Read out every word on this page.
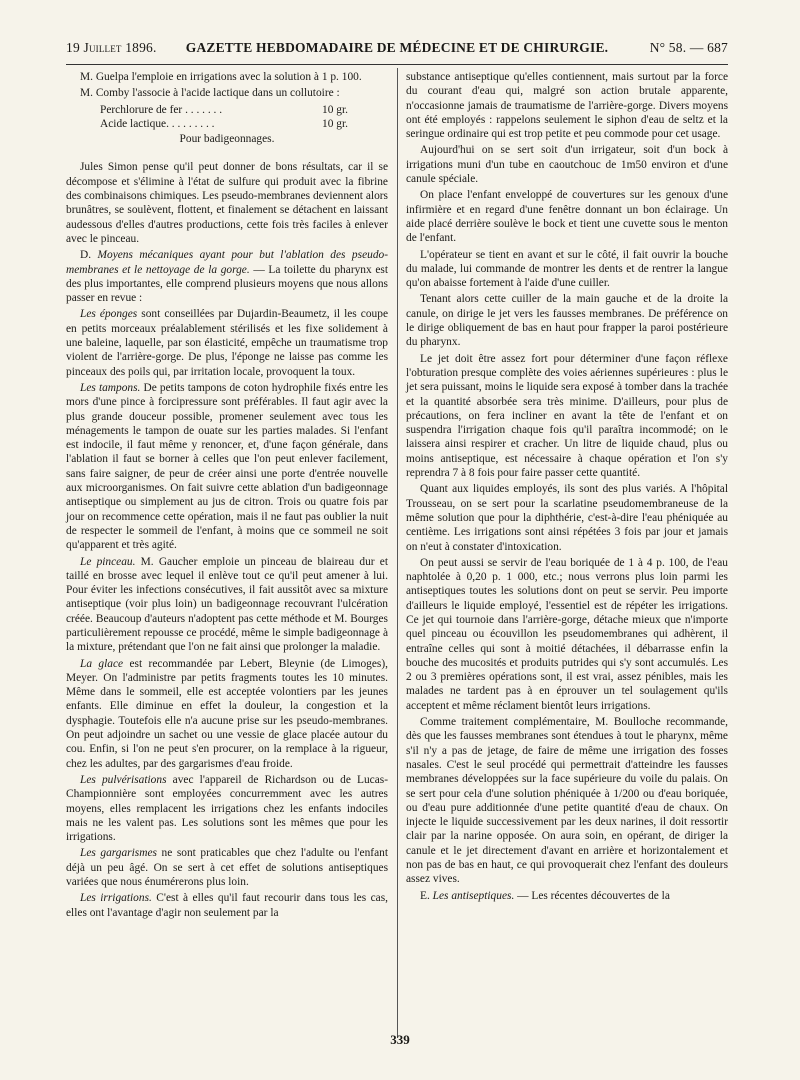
19 Juillet 1896.	GAZETTE HEBDOMADAIRE DE MÉDECINE ET DE CHIRURGIE.	N° 58. — 687

M. Guelpa l'emploie en irrigations avec la solution à 1 p. 100.

M. Comby l'associe à l'acide lactique dans un collutoire :

Perchlorure de fer . . . . . . .	10 gr.
Acide lactique. . . . . . . . .	10 gr.
Pour badigeonnages.

Jules Simon pense qu'il peut donner de bons résultats, car il se décompose et s'élimine à l'état de sulfure qui produit avec la fibrine des combinaisons chimiques. Les pseudo-membranes deviennent alors brunâtres, se soulèvent, flottent, et finalement se détachent en laissant audessous d'elles d'autres productions, cette fois très faciles à enlever avec le pinceau.

D. Moyens mécaniques ayant pour but l'ablation des pseudo-membranes et le nettoyage de la gorge. — La toilette du pharynx est des plus importantes, elle comprend plusieurs moyens que nous allons passer en revue :

Les éponges sont conseillées par Dujardin-Beaumetz, il les coupe en petits morceaux préalablement stérilisés et les fixe solidement à une baleine, laquelle, par son élasticité, empêche un traumatisme trop violent de l'arrière-gorge. De plus, l'éponge ne laisse pas comme les pinceaux des poils qui, par irritation locale, provoquent la toux.

Les tampons. De petits tampons de coton hydrophile fixés entre les mors d'une pince à forcipressure sont préférables. Il faut agir avec la plus grande douceur possible, promener seulement avec tous les ménagements le tampon de ouate sur les parties malades. Si l'enfant est indocile, il faut même y renoncer, et, d'une façon générale, dans l'ablation il faut se borner à celles que l'on peut enlever facilement, sans faire saigner, de peur de créer ainsi une porte d'entrée nouvelle aux microorganismes. On fait suivre cette ablation d'un badigeonnage antiseptique ou simplement au jus de citron. Trois ou quatre fois par jour on recommence cette opération, mais il ne faut pas oublier la nuit de respecter le sommeil de l'enfant, à moins que ce sommeil ne soit qu'apparent et très agité.

Le pinceau. M. Gaucher emploie un pinceau de blaireau dur et taillé en brosse avec lequel il enlève tout ce qu'il peut amener à lui. Pour éviter les infections consécutives, il fait aussitôt avec sa mixture antiseptique (voir plus loin) un badigeonnage recouvrant l'ulcération créée. Beaucoup d'auteurs n'adoptent pas cette méthode et M. Bourges particulièrement repousse ce procédé, même le simple badigeonnage à la mixture, prétendant que l'on ne fait ainsi que prolonger la maladie.

La glace est recommandée par Lebert, Bleynie (de Limoges), Meyer. On l'administre par petits fragments toutes les 10 minutes. Même dans le sommeil, elle est acceptée volontiers par les jeunes enfants. Elle diminue en effet la douleur, la congestion et la dysphagie. Toutefois elle n'a aucune prise sur les pseudo-membranes. On peut adjoindre un sachet ou une vessie de glace placée autour du cou. Enfin, si l'on ne peut s'en procurer, on la remplace à la rigueur, chez les adultes, par des gargarismes d'eau froide.

Les pulvérisations avec l'appareil de Richardson ou de Lucas-Championnière sont employées concurremment avec les autres moyens, elles remplacent les irrigations chez les enfants indociles mais ne les valent pas. Les solutions sont les mêmes que pour les irrigations.

Les gargarismes ne sont praticables que chez l'adulte ou l'enfant déjà un peu âgé. On se sert à cet effet de solutions antiseptiques variées que nous énumérerons plus loin.

Les irrigations. C'est à elles qu'il faut recourir dans tous les cas, elles ont l'avantage d'agir non seulement par la

substance antiseptique qu'elles contiennent, mais surtout par la force du courant d'eau qui, malgré son action brutale apparente, n'occasionne jamais de traumatisme de l'arrière-gorge. Divers moyens ont été employés : rappelons seulement le siphon d'eau de seltz et la seringue ordinaire qui est trop petite et peu commode pour cet usage.

Aujourd'hui on se sert soit d'un irrigateur, soit d'un bock à irrigations muni d'un tube en caoutchouc de 1m50 environ et d'une canule spéciale.

On place l'enfant enveloppé de couvertures sur les genoux d'une infirmière et en regard d'une fenêtre donnant un bon éclairage. Un aide placé derrière soulève le bock et tient une cuvette sous le menton de l'enfant.

L'opérateur se tient en avant et sur le côté, il fait ouvrir la bouche du malade, lui commande de montrer les dents et de rentrer la langue qu'on abaisse fortement à l'aide d'une cuiller.

Tenant alors cette cuiller de la main gauche et de la droite la canule, on dirige le jet vers les fausses membranes. De préférence on le dirige obliquement de bas en haut pour frapper la paroi postérieure du pharynx.

Le jet doit être assez fort pour déterminer d'une façon réflexe l'obturation presque complète des voies aériennes supérieures : plus le jet sera puissant, moins le liquide sera exposé à tomber dans la trachée et la quantité absorbée sera très minime. D'ailleurs, pour plus de précautions, on fera incliner en avant la tête de l'enfant et on suspendra l'irrigation chaque fois qu'il paraîtra incommodé; on le laissera ainsi respirer et cracher. Un litre de liquide chaud, plus ou moins antiseptique, est nécessaire à chaque opération et l'on s'y reprendra 7 à 8 fois pour faire passer cette quantité.

Quant aux liquides employés, ils sont des plus variés. A l'hôpital Trousseau, on se sert pour la scarlatine pseudomembraneuse de la même solution que pour la diphthérie, c'est-à-dire l'eau phéniquée au centième. Les irrigations sont ainsi répétées 3 fois par jour et jamais on n'eut à constater d'intoxication.

On peut aussi se servir de l'eau boriquée de 1 à 4 p. 100, de l'eau naphtolée à 0,20 p. 1 000, etc.; nous verrons plus loin parmi les antiseptiques toutes les solutions dont on peut se servir. Peu importe d'ailleurs le liquide employé, l'essentiel est de répéter les irrigations. Ce jet qui tournoie dans l'arrière-gorge, détache mieux que n'importe quel pinceau ou écouvillon les pseudomembranes qui adhèrent, il entraîne celles qui sont à moitié détachées, il débarrasse enfin la bouche des mucosités et produits putrides qui s'y sont accumulés. Les 2 ou 3 premières opérations sont, il est vrai, assez pénibles, mais les malades ne tardent pas à en éprouver un tel soulagement qu'ils acceptent et même réclament bientôt leurs irrigations.

Comme traitement complémentaire, M. Boulloche recommande, dès que les fausses membranes sont étendues à tout le pharynx, même s'il n'y a pas de jetage, de faire de même une irrigation des fosses nasales. C'est le seul procédé qui permettrait d'atteindre les fausses membranes développées sur la face supérieure du voile du palais. On se sert pour cela d'une solution phéniquée à 1/200 ou d'eau boriquée, ou d'eau pure additionnée d'une petite quantité d'eau de chaux. On injecte le liquide successivement par les deux narines, il doit ressortir clair par la narine opposée. On aura soin, en opérant, de diriger la canule et le jet directement d'avant en arrière et horizontalement et non pas de bas en haut, ce qui provoquerait chez l'enfant des douleurs assez vives.

E. Les antiseptiques. — Les récentes découvertes de la

339
